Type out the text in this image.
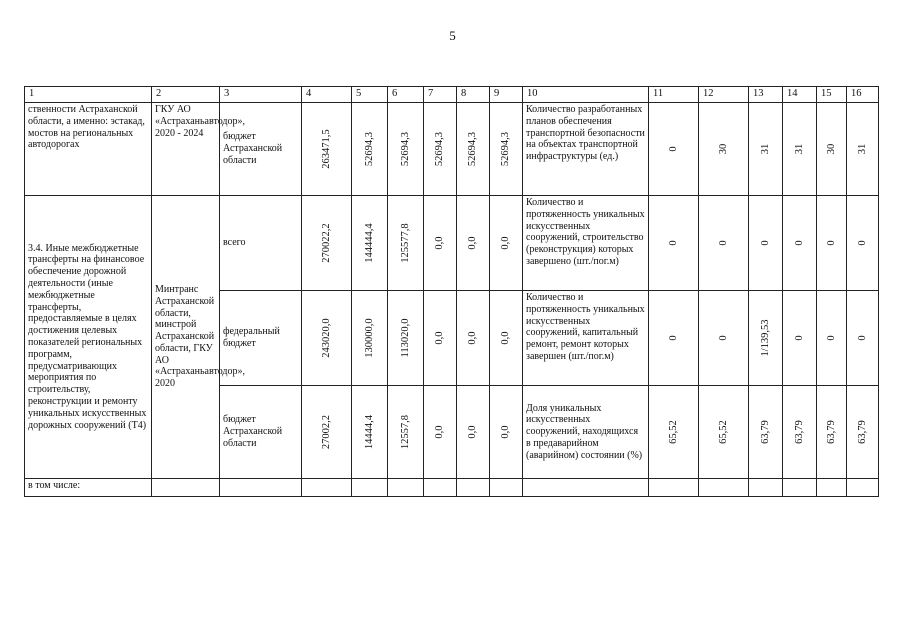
5
1	2	3	4	5	6	7	8	9	10	11	12	13	14	15	16
ственности Астраханской области, а именно: эстакад, мостов на региональных автодорогах	ГКУ АО «Астраханьавтодор», 2020 - 2024	бюджет Астраханской области	263471,5	52694,3	52694,3	52694,3	52694,3	52694,3	Количество разработанных планов обеспечения транспортной безопасности на объектах транспортной инфраструктуры (ед.)	0	30	31	31	30	31

3.4. Иные межбюджетные трансферты на финансовое обеспечение дорожной деятельности (иные межбюджетные трансферты, предоставляемые в целях достижения целевых показателей региональных программ, предусматривающих мероприятия по строительству, реконструкции и ремонту уникальных искусственных дорожных сооружений (Т4)	Минтранс Астраханской области, минстрой Астраханской области, ГКУ АО «Астраханьавтодор», 2020	всего	270022,2	144444,4	125577,8	0,0	0,0	0,0	Количество и протяженность уникальных искусственных сооружений, строительство (реконструкция) которых завершено (шт./пог.м)	0	0	0	0	0	0

		федеральный бюджет	243020,0	130000,0	113020,0	0,0	0,0	0,0	Количество и протяженность уникальных искусственных сооружений, капитальный ремонт, ремонт которых завершен (шт./пог.м)	0	0	1/139,53	0	0	0

		бюджет Астраханской области	27002,2	14444,4	12557,8	0,0	0,0	0,0	Доля уникальных искусственных сооружений, находящихся в предаварийном (аварийном) состоянии (%)	65,52	65,52	63,79	63,79	63,79	63,79

в том числе:															
